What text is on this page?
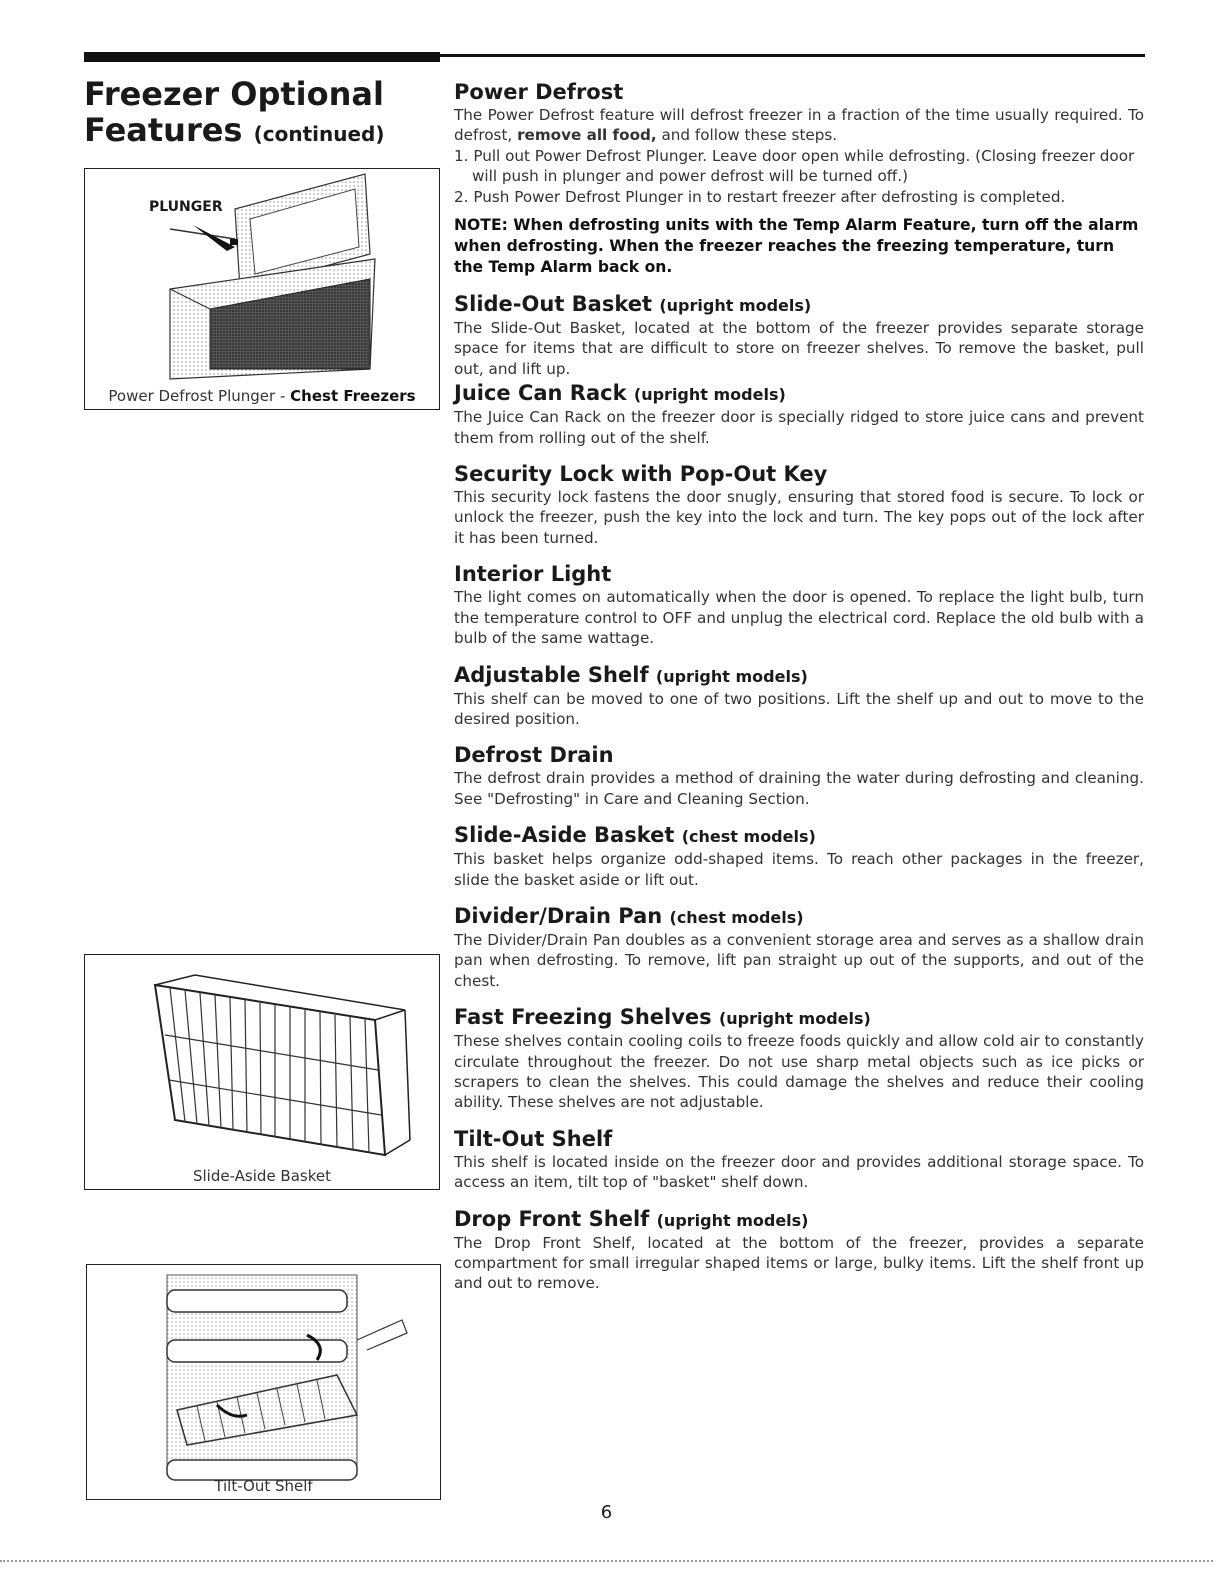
Freezer Optional
Features (continued)
PLUNGER
Power Defrost Plunger - Chest Freezers
Slide-Aside Basket
Tilt-Out Shelf
Power Defrost

The Power Defrost feature will defrost freezer in a fraction of the time usually required. To defrost, remove all food, and follow these steps.

1. Pull out Power Defrost Plunger. Leave door open while defrosting. (Closing freezer door will push in plunger and power defrost will be turned off.)
2. Push Power Defrost Plunger in to restart freezer after defrosting is completed.
NOTE: When defrosting units with the Temp Alarm Feature, turn off the alarm when defrosting. When the freezer reaches the freezing temperature, turn the Temp Alarm back on.
Slide-Out Basket (upright models)

The Slide-Out Basket, located at the bottom of the freezer provides separate storage space for items that are difficult to store on freezer shelves. To remove the basket, pull out, and lift up.

Juice Can Rack (upright models)

The Juice Can Rack on the freezer door is specially ridged to store juice cans and prevent them from rolling out of the shelf.

Security Lock with Pop-Out Key

This security lock fastens the door snugly, ensuring that stored food is secure. To lock or unlock the freezer, push the key into the lock and turn. The key pops out of the lock after it has been turned.

Interior Light

The light comes on automatically when the door is opened. To replace the light bulb, turn the temperature control to OFF and unplug the electrical cord. Replace the old bulb with a bulb of the same wattage.

Adjustable Shelf (upright models)

This shelf can be moved to one of two positions. Lift the shelf up and out to move to the desired position.

Defrost Drain

The defrost drain provides a method of draining the water during defrosting and cleaning. See "Defrosting" in Care and Cleaning Section.

Slide-Aside Basket (chest models)

This basket helps organize odd-shaped items. To reach other packages in the freezer, slide the basket aside or lift out.

Divider/Drain Pan (chest models)

The Divider/Drain Pan doubles as a convenient storage area and serves as a shallow drain pan when defrosting. To remove, lift pan straight up out of the supports, and out of the chest.

Fast Freezing Shelves (upright models)

These shelves contain cooling coils to freeze foods quickly and allow cold air to constantly circulate throughout the freezer. Do not use sharp metal objects such as ice picks or scrapers to clean the shelves. This could damage the shelves and reduce their cooling ability. These shelves are not adjustable.

Tilt-Out Shelf

This shelf is located inside on the freezer door and provides additional storage space. To access an item, tilt top of "basket" shelf down.

Drop Front Shelf (upright models)

The Drop Front Shelf, located at the bottom of the freezer, provides a separate compartment for small irregular shaped items or large, bulky items. Lift the shelf front up and out to remove.

6
